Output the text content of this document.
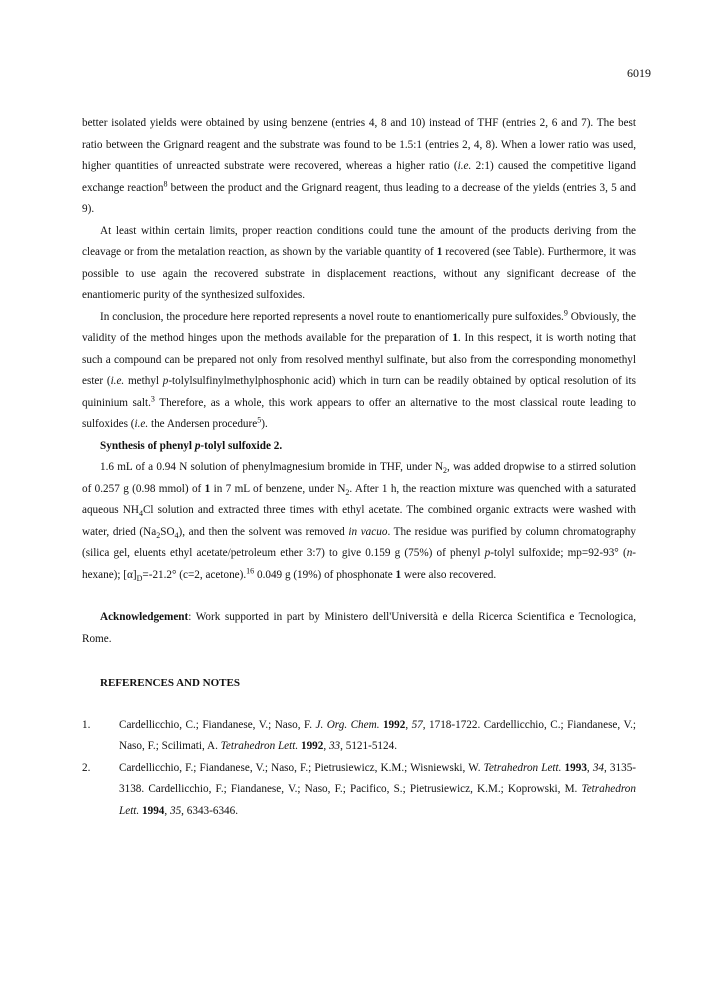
6019

better isolated yields were obtained by using benzene (entries 4, 8 and 10) instead of THF (entries 2, 6 and 7). The best ratio between the Grignard reagent and the substrate was found to be 1.5:1 (entries 2, 4, 8). When a lower ratio was used, higher quantities of unreacted substrate were recovered, whereas a higher ratio (i.e. 2:1) caused the competitive ligand exchange reaction$^8$ between the product and the Grignard reagent, thus leading to a decrease of the yields (entries 3, 5 and 9).

At least within certain limits, proper reaction conditions could tune the amount of the products deriving from the cleavage or from the metalation reaction, as shown by the variable quantity of 1 recovered (see Table). Furthermore, it was possible to use again the recovered substrate in displacement reactions, without any significant decrease of the enantiomeric purity of the synthesized sulfoxides.

In conclusion, the procedure here reported represents a novel route to enantiomerically pure sulfoxides.$^9$ Obviously, the validity of the method hinges upon the methods available for the preparation of 1. In this respect, it is worth noting that such a compound can be prepared not only from resolved menthyl sulfinate, but also from the corresponding monomethyl ester (i.e. methyl p-tolylsulfinylmethylphosphonic acid) which in turn can be readily obtained by optical resolution of its quininium salt.$^3$ Therefore, as a whole, this work appears to offer an alternative to the most classical route leading to sulfoxides (i.e. the Andersen procedure$^5$).

Synthesis of phenyl p-tolyl sulfoxide 2.

1.6 mL of a 0.94 N solution of phenylmagnesium bromide in THF, under $N_2$, was added dropwise to a stirred solution of 0.257 g (0.98 mmol) of 1 in 7 mL of benzene, under $N_2$. After 1 h, the reaction mixture was quenched with a saturated aqueous $NH_4Cl$ solution and extracted three times with ethyl acetate. The combined organic extracts were washed with water, dried $(Na_2SO_4)$, and then the solvent was removed in vacuo. The residue was purified by column chromatography (silica gel, eluents ethyl acetate/petroleum ether 3:7) to give 0.159 g (75%) of phenyl p-tolyl sulfoxide; mp=92-93° (n-hexane); $[\alpha]_D=-21.2^\circ$ (c=2, acetone).$^{16}$ 0.049 g (19%) of phosphonate 1 were also recovered.

Acknowledgement: Work supported in part by Ministero dell'Università e della Ricerca Scientifica e Tecnologica, Rome.

REFERENCES AND NOTES

1.	Cardellicchio, C.; Fiandanese, V.; Naso, F. J. Org. Chem. 1992, 57, 1718-1722. Cardellicchio, C.; Fiandanese, V.; Naso, F.; Scilimati, A. Tetrahedron Lett. 1992, 33, 5121-5124.
2.	Cardellicchio, F.; Fiandanese, V.; Naso, F.; Pietrusiewicz, K.M.; Wisniewski, W. Tetrahedron Lett. 1993, 34, 3135-3138. Cardellicchio, F.; Fiandanese, V.; Naso, F.; Pacifico, S.; Pietrusiewicz, K.M.; Koprowski, M. Tetrahedron Lett. 1994, 35, 6343-6346.
